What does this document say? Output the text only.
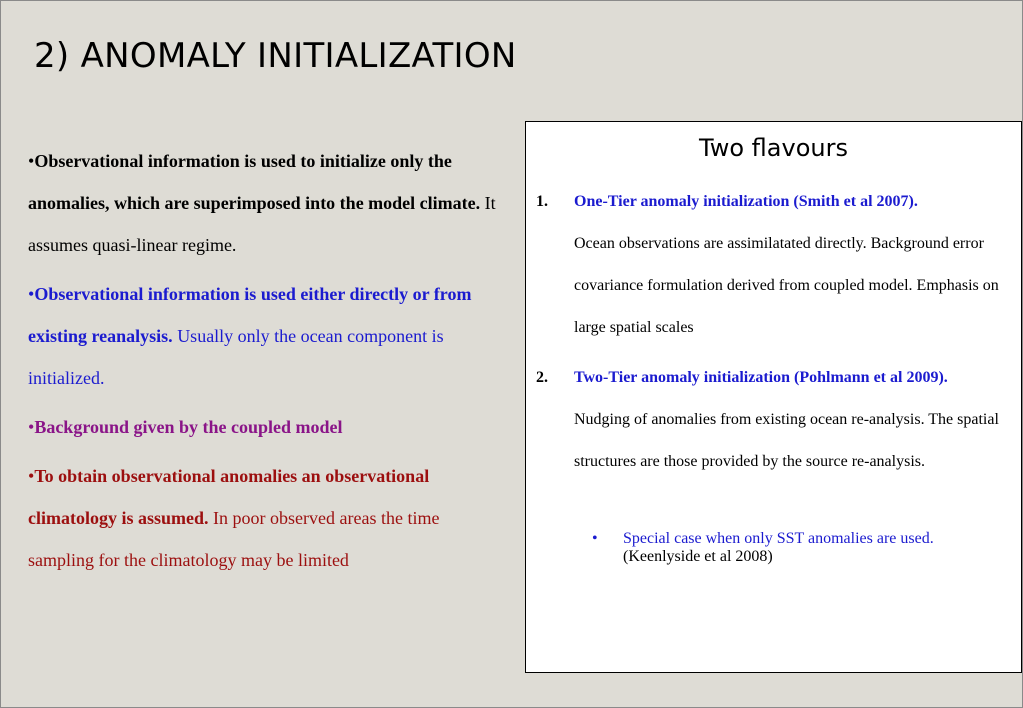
2) ANOMALY INITIALIZATION

•Observational information is used to initialize only the anomalies, which are superimposed into the model climate. It assumes quasi-linear regime.

•Observational information is used either directly or from existing reanalysis. Usually only the ocean component is initialized.

•Background given by the coupled model

•To obtain observational anomalies an observational climatology is assumed. In poor observed areas the time sampling for the climatology may be limited

Two flavours
1. One-Tier anomaly initialization (Smith et al 2007).
Ocean observations are assimilatated directly. Background error covariance formulation derived from coupled model. Emphasis on large spatial scales
2. Two-Tier anomaly initialization (Pohlmann et al 2009).
Nudging of anomalies from existing ocean re-analysis. The spatial structures are those provided by the source re-analysis.
• Special case when only SST anomalies are used.
(Keenlyside et al 2008)
